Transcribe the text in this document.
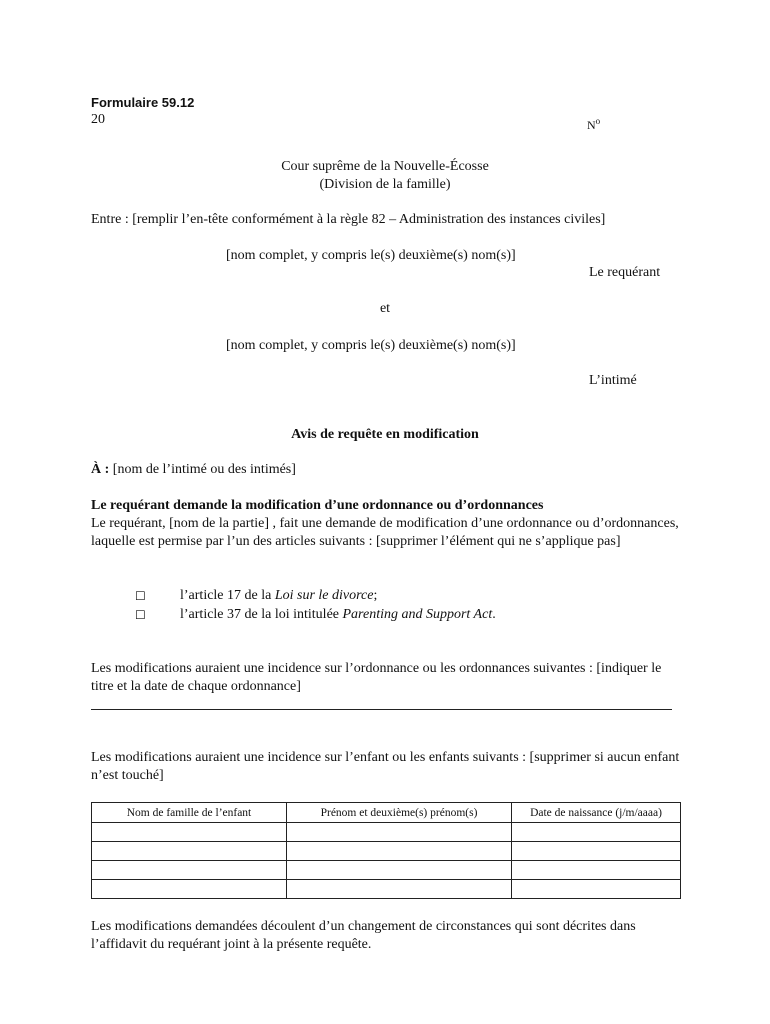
Formulaire 59.12
20	$N^o$
Cour suprême de la Nouvelle-Écosse
(Division de la famille)
Entre : [remplir l’en-tête conformément à la règle 82 – Administration des instances civiles]
[nom complet, y compris le(s) deuxième(s) nom(s)]
Le requérant
et
[nom complet, y compris le(s) deuxième(s) nom(s)]
L’intimé
Avis de requête en modification
À : [nom de l’intimé ou des intimés]
Le requérant demande la modification d’une ordonnance ou d’ordonnances
Le requérant, [nom de la partie] , fait une demande de modification d’une ordonnance ou d’ordonnances, laquelle est permise par l’un des articles suivants : [supprimer l’élément qui ne s’applique pas]
☐ l’article 17 de la Loi sur le divorce;
☐ l’article 37 de la loi intitulée Parenting and Support Act.
Les modifications auraient une incidence sur l’ordonnance ou les ordonnances suivantes : [indiquer le titre et la date de chaque ordonnance]
Les modifications auraient une incidence sur l’enfant ou les enfants suivants : [supprimer si aucun enfant n’est touché]
Nom de famille de l’enfant	Prénom et deuxième(s) prénom(s)	Date de naissance (j/m/aaaa)

Les modifications demandées découlent d’un changement de circonstances qui sont décrites dans l’affidavit du requérant joint à la présente requête.
